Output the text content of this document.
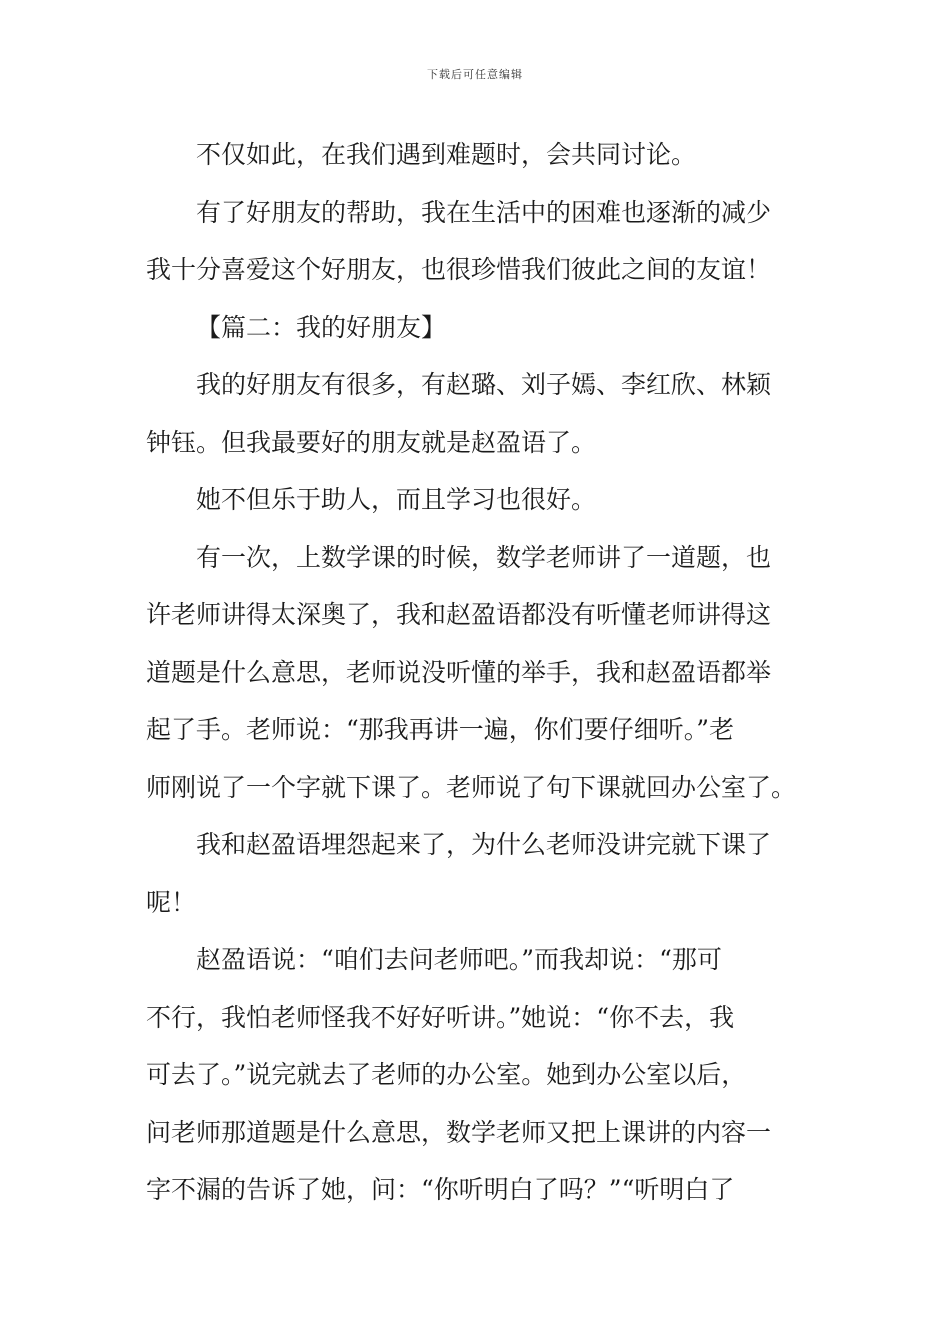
下载后可任意编辑
不仅如此，在我们遇到难题时，会共同讨论。
有了好朋友的帮助，我在生活中的困难也逐渐的减少
我十分喜爱这个好朋友，也很珍惜我们彼此之间的友谊！
【篇二：我的好朋友】
我的好朋友有很多，有赵璐、刘子嫣、李红欣、林颖
钟钰。但我最要好的朋友就是赵盈语了。
她不但乐于助人，而且学习也很好。
有一次，上数学课的时候，数学老师讲了一道题，也
许老师讲得太深奥了，我和赵盈语都没有听懂老师讲得这
道题是什么意思，老师说没听懂的举手，我和赵盈语都举
起了手。老师说：“那我再讲一遍，你们要仔细听。”老
师刚说了一个字就下课了。老师说了句下课就回办公室了。
我和赵盈语埋怨起来了，为什么老师没讲完就下课了
呢！
赵盈语说：“咱们去问老师吧。”而我却说：“那可
不行，我怕老师怪我不好好听讲。”她说：“你不去，我
可去了。”说完就去了老师的办公室。她到办公室以后，
问老师那道题是什么意思，数学老师又把上课讲的内容一
字不漏的告诉了她，问：“你听明白了吗？”“听明白了
